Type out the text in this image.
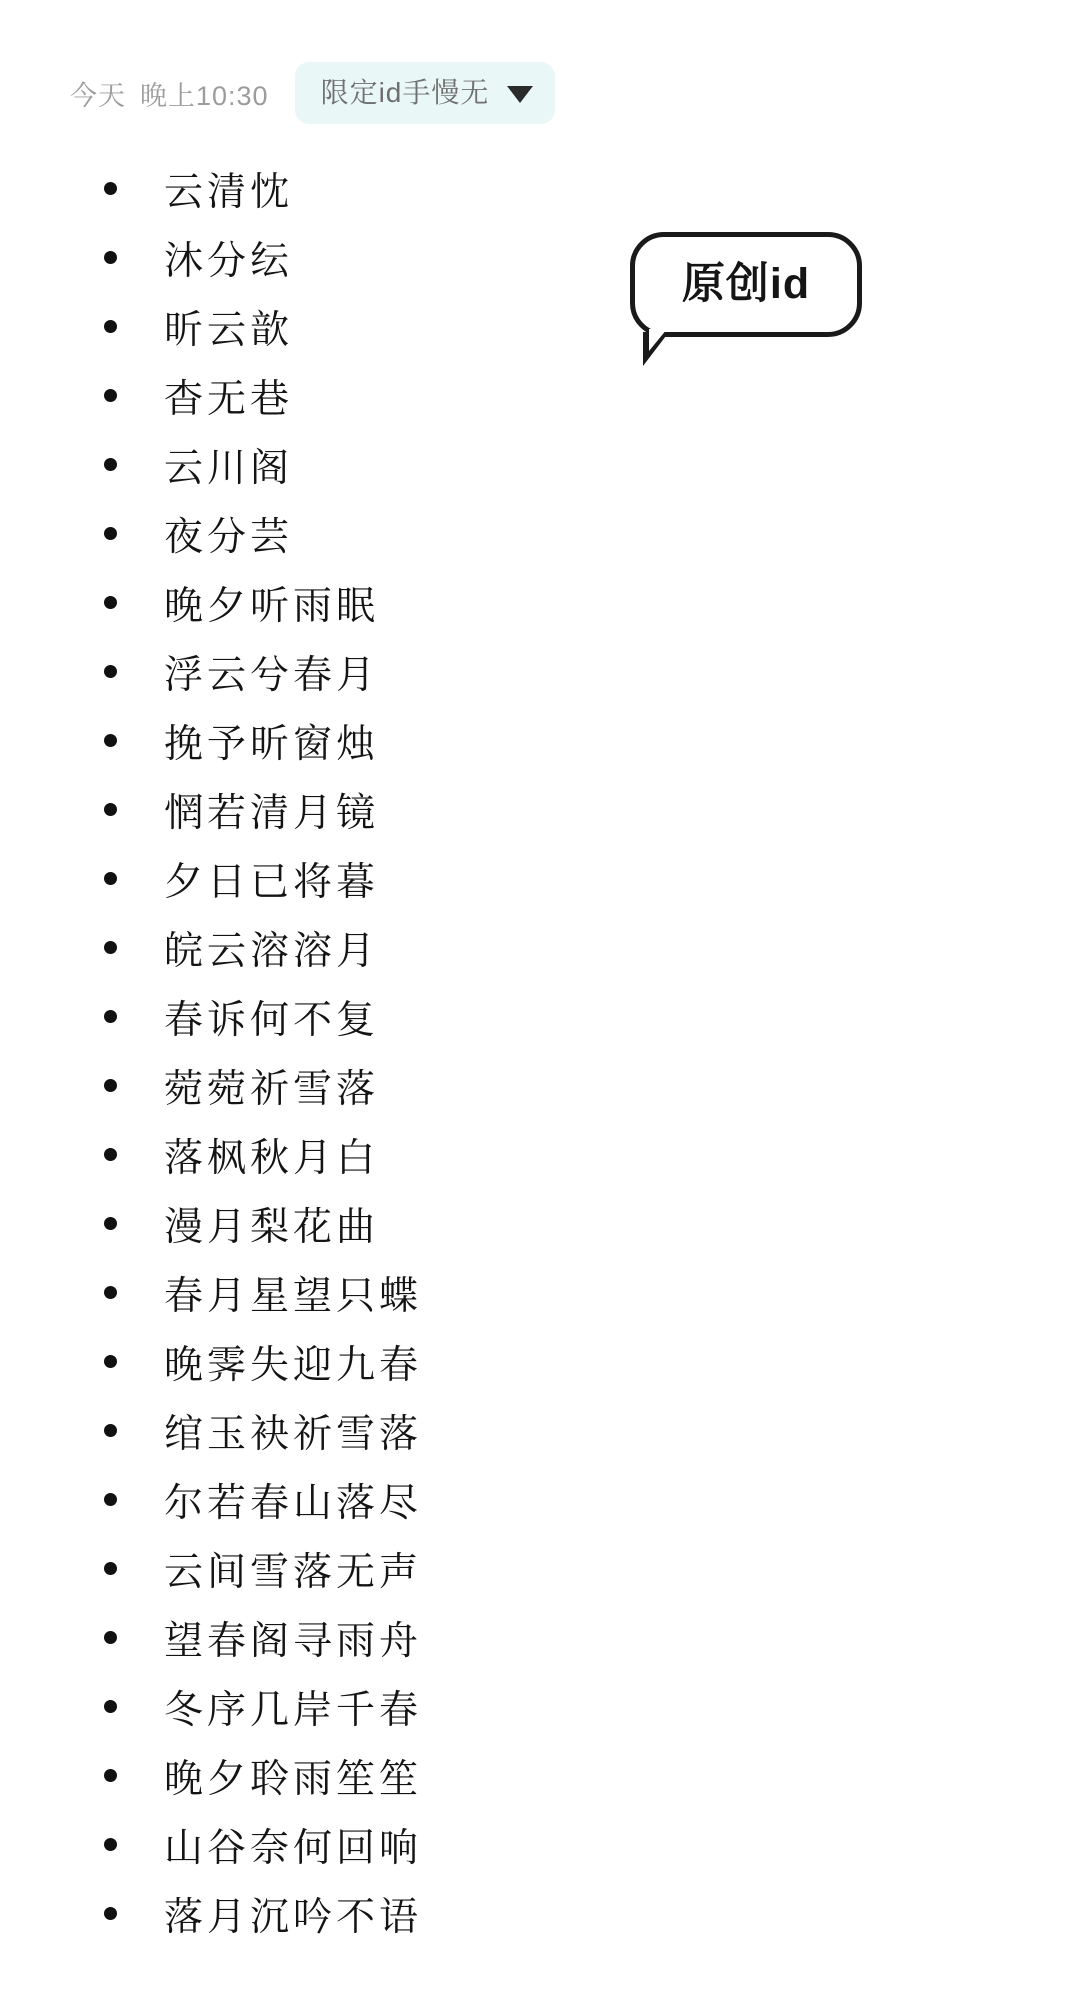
今天 晚上10:30 限定id手慢无
原创id
云清忱
沐分纭
昕云歆
杳无巷
云川阁
夜分芸
晚夕听雨眠
浮云兮春月
挽予昕窗烛
惘若清月镜
夕日已将暮
皖云溶溶月
春诉何不复
菀菀祈雪落
落枫秋月白
漫月梨花曲
春月星望只蝶
晚霁失迎九春
绾玉袂祈雪落
尔若春山落尽
云间雪落无声
望春阁寻雨舟
冬序几岸千春
晚夕聆雨笙笙
山谷奈何回响
落月沉吟不语
